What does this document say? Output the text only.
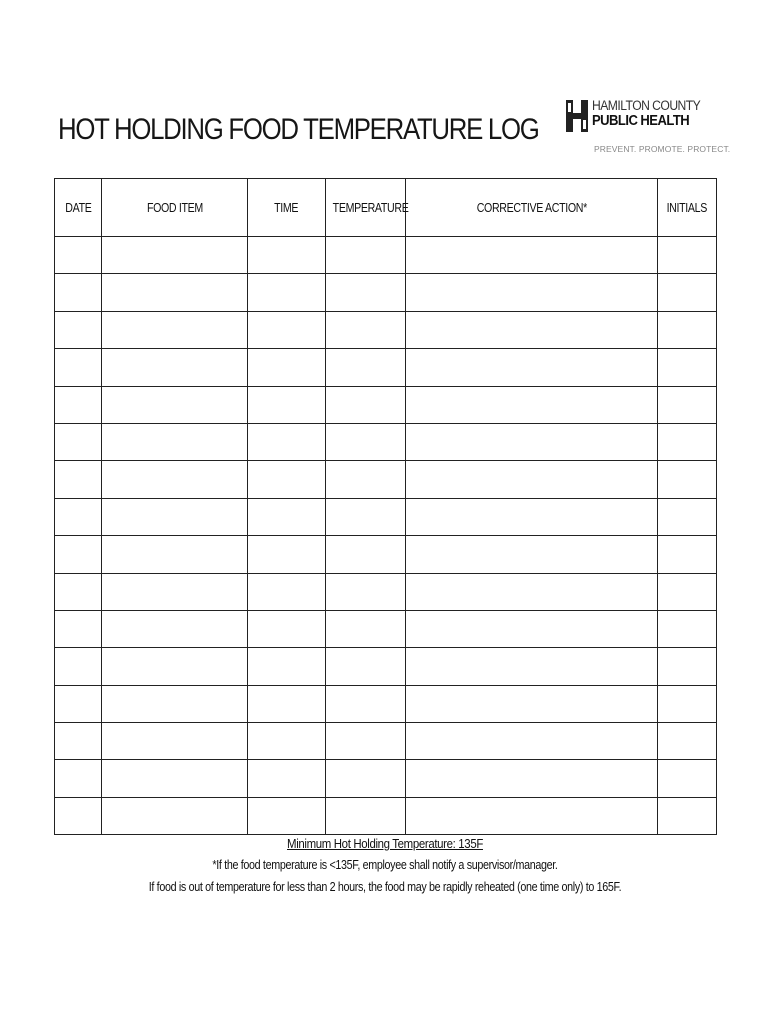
HOT HOLDING FOOD TEMPERATURE LOG
HAMILTON COUNTY
PUBLIC HEALTH
PREVENT. PROMOTE. PROTECT.
DATE	FOOD ITEM	TIME	TEMPERATURE	CORRECTIVE ACTION*	INITIALS

Minimum Hot Holding Temperature: 135F
*If the food temperature is <135F, employee shall notify a supervisor/manager.
If food is out of temperature for less than 2 hours, the food may be rapidly reheated (one time only) to 165F.
